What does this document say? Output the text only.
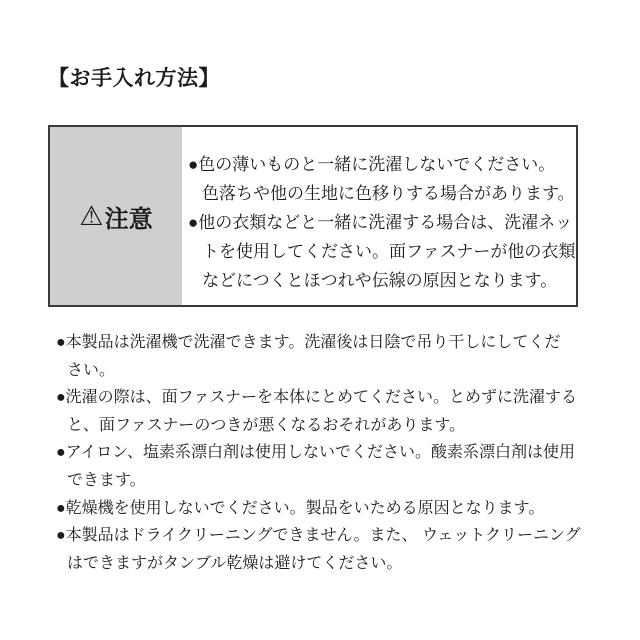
【お手入れ方法】
⚠ 注意

●色の薄いものと一緒に洗濯しないでください。

色落ちや他の生地に色移りする場合があります。

●他の衣類などと一緒に洗濯する場合は、洗濯ネッ

トを使用してください。面ファスナーが他の衣類

などにつくとほつれや伝線の原因となります。

●本製品は洗濯機で洗濯できます。洗濯後は日陰で吊り干しにしてくだ

さい。

●洗濯の際は、面ファスナーを本体にとめてください。とめずに洗濯する

と、面ファスナーのつきが悪くなるおそれがあります。

●アイロン、塩素系漂白剤は使用しないでください。酸素系漂白剤は使用

できます。

●乾燥機を使用しないでください。製品をいためる原因となります。

●本製品はドライクリーニングできません。また、 ウェットクリーニング

はできますがタンブル乾燥は避けてください。
